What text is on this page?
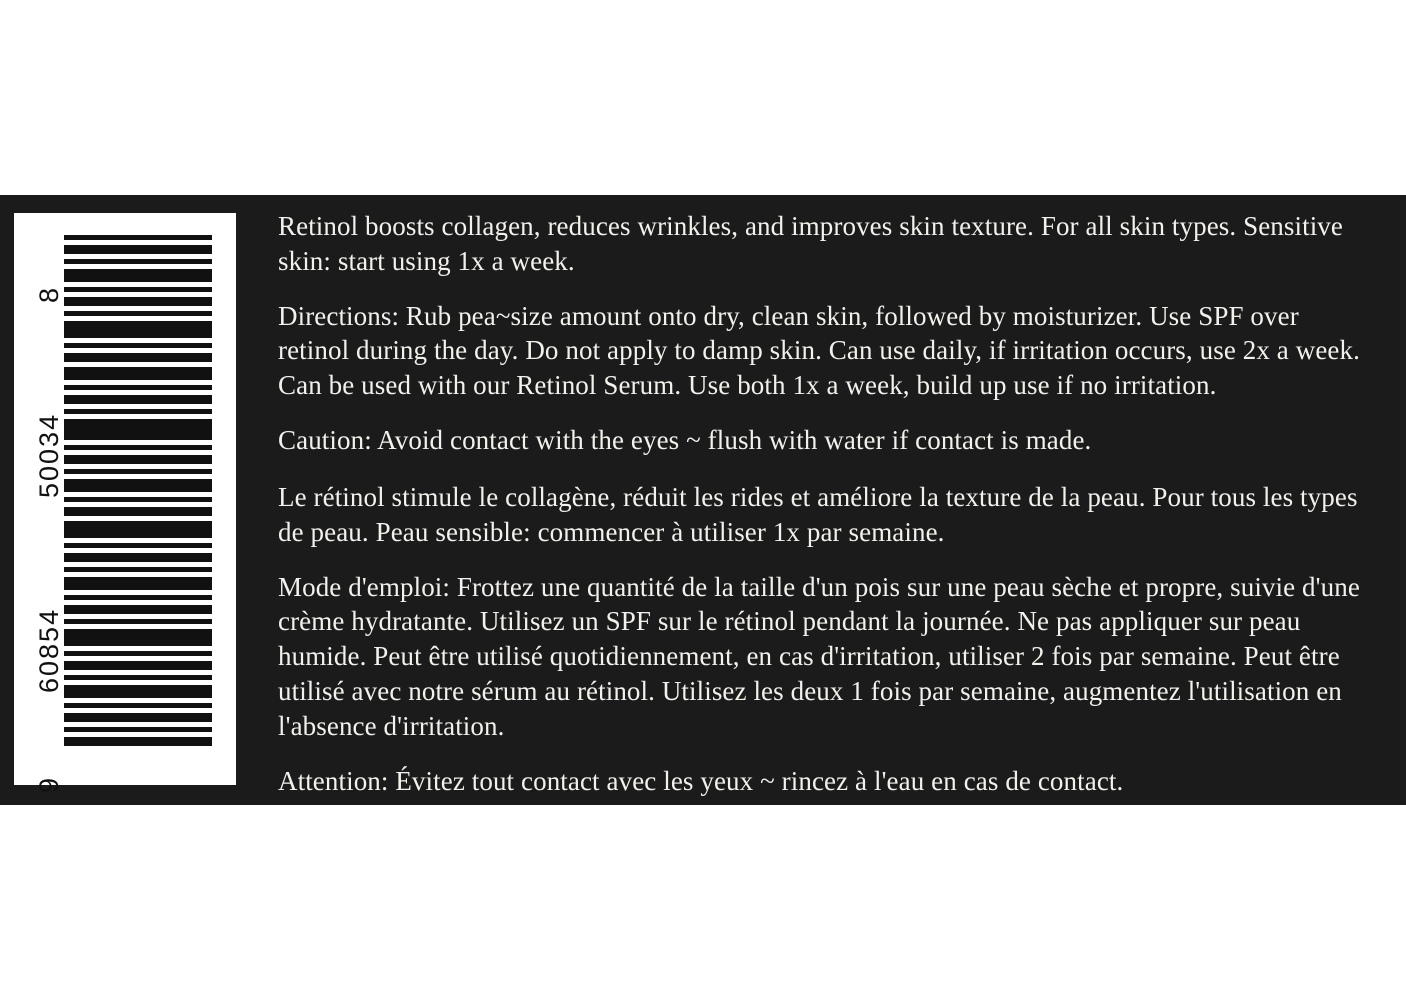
8
50034
60854
9

Retinol boosts collagen, reduces wrinkles, and improves skin texture. For all skin types. Sensitive skin: start using 1x a week.

Directions: Rub pea~size amount onto dry, clean skin, followed by moisturizer. Use SPF over retinol during the day. Do not apply to damp skin. Can use daily, if irritation occurs, use 2x a week. Can be used with our Retinol Serum. Use both 1x a week, build up use if no irritation.

Caution: Avoid contact with the eyes ~ flush with water if contact is made.

Le rétinol stimule le collagène, réduit les rides et améliore la texture de la peau. Pour tous les types de peau. Peau sensible: commencer à utiliser 1x par semaine.

Mode d'emploi: Frottez une quantité de la taille d'un pois sur une peau sèche et propre, suivie d'une crème hydratante. Utilisez un SPF sur le rétinol pendant la journée. Ne pas appliquer sur peau humide. Peut être utilisé quotidiennement, en cas d'irritation, utiliser 2 fois par semaine. Peut être utilisé avec notre sérum au rétinol. Utilisez les deux 1 fois par semaine, augmentez l'utilisation en l'absence d'irritation.

Attention: Évitez tout contact avec les yeux ~ rincez à l'eau en cas de contact.
